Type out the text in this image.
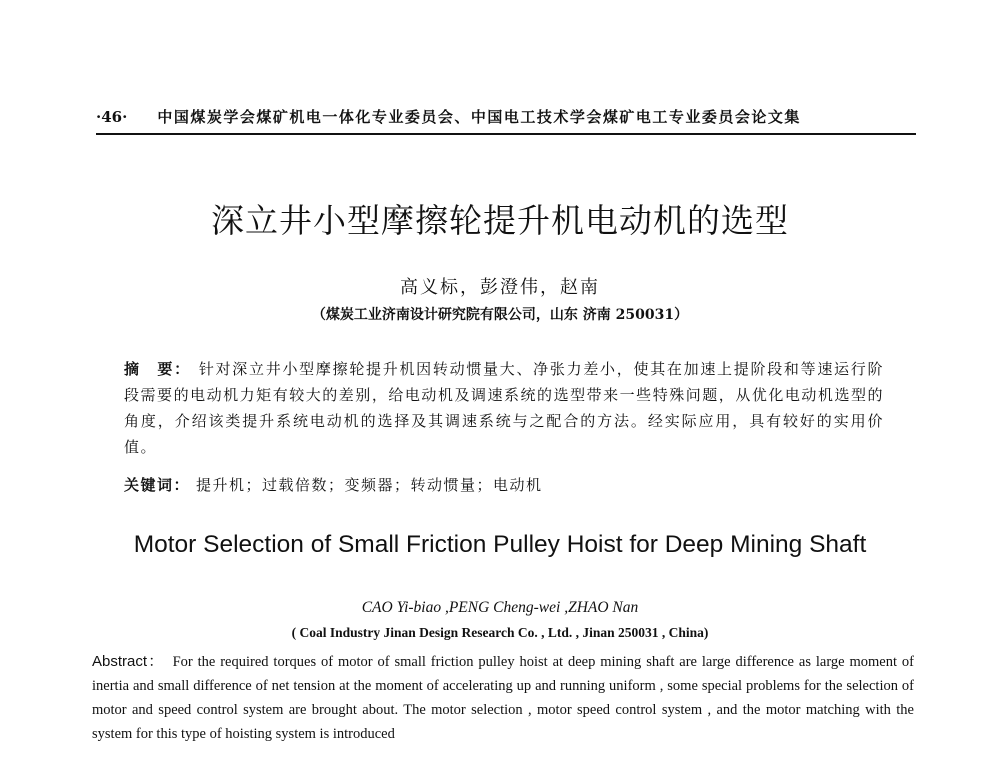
·46· 中国煤炭学会煤矿机电一体化专业委员会、中国电工技术学会煤矿电工专业委员会论文集
深立井小型摩擦轮提升机电动机的选型
高义标，彭澄伟，赵南
（煤炭工业济南设计研究院有限公司，山东 济南 250031）
摘　要： 针对深立井小型摩擦轮提升机因转动惯量大、净张力差小，使其在加速上提阶段和等速运行阶段需要的电动机力矩有较大的差别，给电动机及调速系统的选型带来一些特殊问题，从优化电动机选型的角度，介绍该类提升系统电动机的选择及其调速系统与之配合的方法。经实际应用，具有较好的实用价值。
关键词： 提升机；过载倍数；变频器；转动惯量；电动机
Motor Selection of Small Friction Pulley Hoist for Deep Mining Shaft
CAO Yi-biao ,PENG Cheng-wei ,ZHAO Nan
( Coal Industry Jinan Design Research Co. , Ltd. , Jinan 250031 , China)
Abstract： For the required torques of motor of small friction pulley hoist at deep mining shaft are large difference as large moment of inertia and small difference of net tension at the moment of accelerating up and running uniform , some special problems for the selection of motor and speed control system are brought about. The motor selection , motor speed control system , and the motor matching with the system for this type of hoisting system is introduced
